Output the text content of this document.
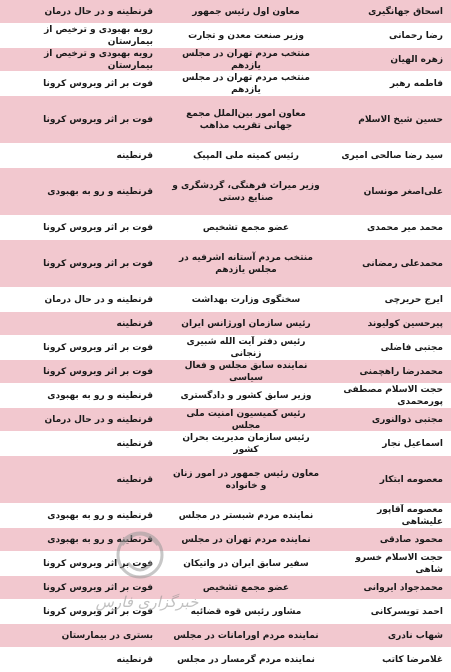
اسحاق جهانگیری
معاون اول رئیس جمهور
قرنطینه و در حال درمان
رضا رحمانی
وزیر صنعت معدن و تجارت
رویه بهبودی و ترخیص از بیمارستان
زهره الهیان
منتخب مردم تهران در مجلس یازدهم
رویه بهبودی و ترخیص از بیمارستان
فاطمه رهبر
منتخب مردم تهران در مجلس یازدهم
فوت بر اثر ویروس کرونا
حسین شیخ الاسلام
معاون امور بین‌الملل مجمع جهانی تقریب مذاهب
فوت بر اثر ویروس کرونا
سید رضا صالحی امیری
رئیس کمیته ملی المپیک
قرنطینه
علی‌اصغر مونسان
وزیر میراث فرهنگی، گردشگری و صنایع دستی
قرنطینه و رو به بهبودی
محمد میر محمدی
عضو مجمع تشخیص
فوت بر اثر ویروس کرونا
محمدعلی رمضانی
منتخب مردم آستانه اشرفیه در مجلس یازدهم
فوت بر اثر ویروس کرونا
ایرج حریرچی
سخنگوی وزارت بهداشت
قرنطینه و در حال درمان
پیرحسین کولیوند
رئیس سازمان اورژانس ایران
قرنطینه
مجتبی فاضلی
رئیس دفتر آیت الله شبیری زنجانی
فوت بر اثر ویروس کرونا
محمدرضا راهچمنی
نماینده سابق مجلس و فعال سیاسی
فوت بر اثر ویروس کرونا
حجت الاسلام مصطفی پورمحمدی
وزیر سابق کشور و دادگستری
قرنطینه و رو به بهبودی
مجتبی ذوالنوری
رئیس کمیسیون امنیت ملی مجلس
قرنطینه و در حال درمان
اسماعیل نجار
رئیس سازمان مدیریت بحران کشور
قرنطینه
معصومه ابتکار
معاون رئیس جمهور در امور زنان و خانواده
قرنطینه
معصومه آقاپور علیشاهی
نماینده مردم شبستر در مجلس
قرنطینه و رو به بهبودی
محمود صادقی
نماینده مردم تهران در مجلس
قرنطینه و رو به بهبودی
حجت الاسلام خسرو شاهی
سفیر سابق ایران در واتیکان
فوت بر اثر ویروس کرونا
محمدجواد ایروانی
عضو مجمع تشخیص
فوت بر اثر ویروس کرونا
احمد تویسرکانی
مشاور رئیس قوه قضائیه
فوت بر اثر ویروس کرونا
شهاب نادری
نماینده مردم اورامانات در مجلس
بستری در بیمارستان
غلامرضا کاتب
نماینده مردم گرمسار در مجلس
قرنطینه
خبرگزاری فارس
